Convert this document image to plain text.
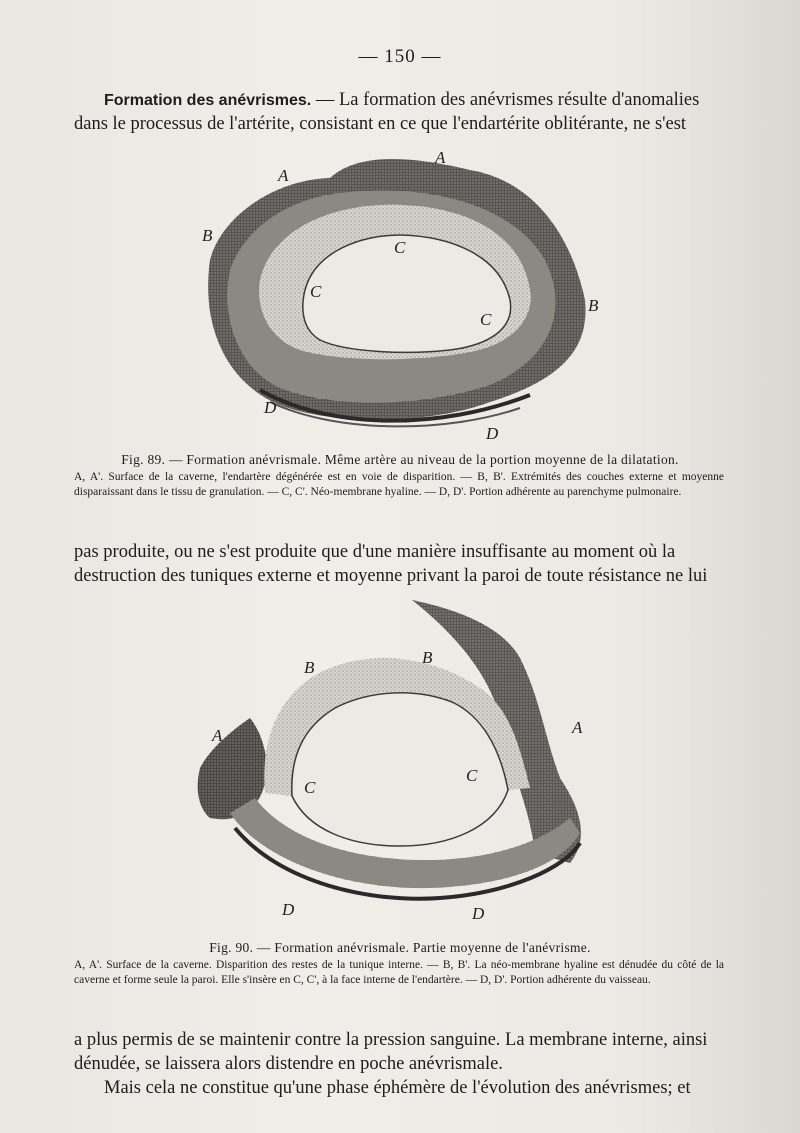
— 150 —
Formation des anévrismes. — La formation des anévrismes résulte d'anomalies
dans le processus de l'artérite, consistant en ce que l'endartérite oblitérante, ne s'est
A
A
B
B
C
C
C
D
D
Fig. 89. — Formation anévrismale. Même artère au niveau de la portion moyenne de la dilatation.
A, A'. Surface de la caverne, l'endartère dégénérée est en voie de disparition. — B, B'. Extrémités des couches externe et moyenne disparaissant dans le tissu de granulation. — C, C'. Néo-membrane hyaline. — D, D'. Portion adhérente au parenchyme pulmonaire.
pas produite, ou ne s'est produite que d'une manière insuffisante au moment où la
destruction des tuniques externe et moyenne privant la paroi de toute résistance ne lui
B
B
A	A
C
C
D	D
Fig. 90. — Formation anévrismale. Partie moyenne de l'anévrisme.
A, A'. Surface de la caverne. Disparition des restes de la tunique interne. — B, B'. La néo-membrane hyaline est dénudée du côté de la caverne et forme seule la paroi. Elle s'insère en C, C', à la face interne de l'endartère. — D, D'. Portion adhérente du vaisseau.
a plus permis de se maintenir contre la pression sanguine. La membrane interne, ainsi
dénudée, se laissera alors distendre en poche anévrismale.
Mais cela ne constitue qu'une phase éphémère de l'évolution des anévrismes; et
